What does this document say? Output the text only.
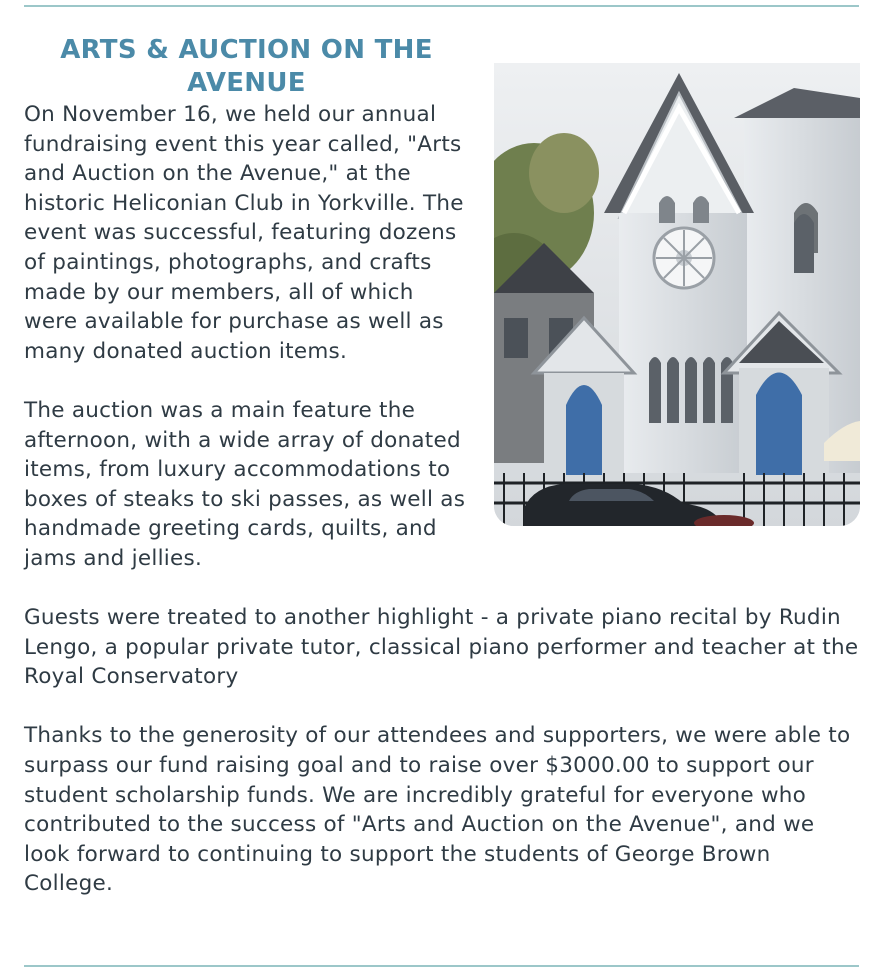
ARTS & AUCTION ON THE AVENUE

On November 16, we held our annual fundraising event this year called, "Arts and Auction on the Avenue," at the historic Heliconian Club in Yorkville. The event was successful, featuring dozens of paintings, photographs, and crafts made by our members, all of which were available for purchase as well as many donated auction items.

The auction was a main feature the afternoon, with a wide array of donated items, from luxury accommodations to boxes of steaks to ski passes, as well as handmade greeting cards, quilts, and jams and jellies.

Guests were treated to another highlight - a private piano recital by Rudin Lengo, a popular private tutor, classical piano performer and teacher at the Royal Conservatory

Thanks to the generosity of our attendees and supporters, we were able to surpass our fund raising goal and to raise over $3000.00 to support our student scholarship funds. We are incredibly grateful for everyone who contributed to the success of "Arts and Auction on the Avenue", and we look forward to continuing to support the students of George Brown College.
